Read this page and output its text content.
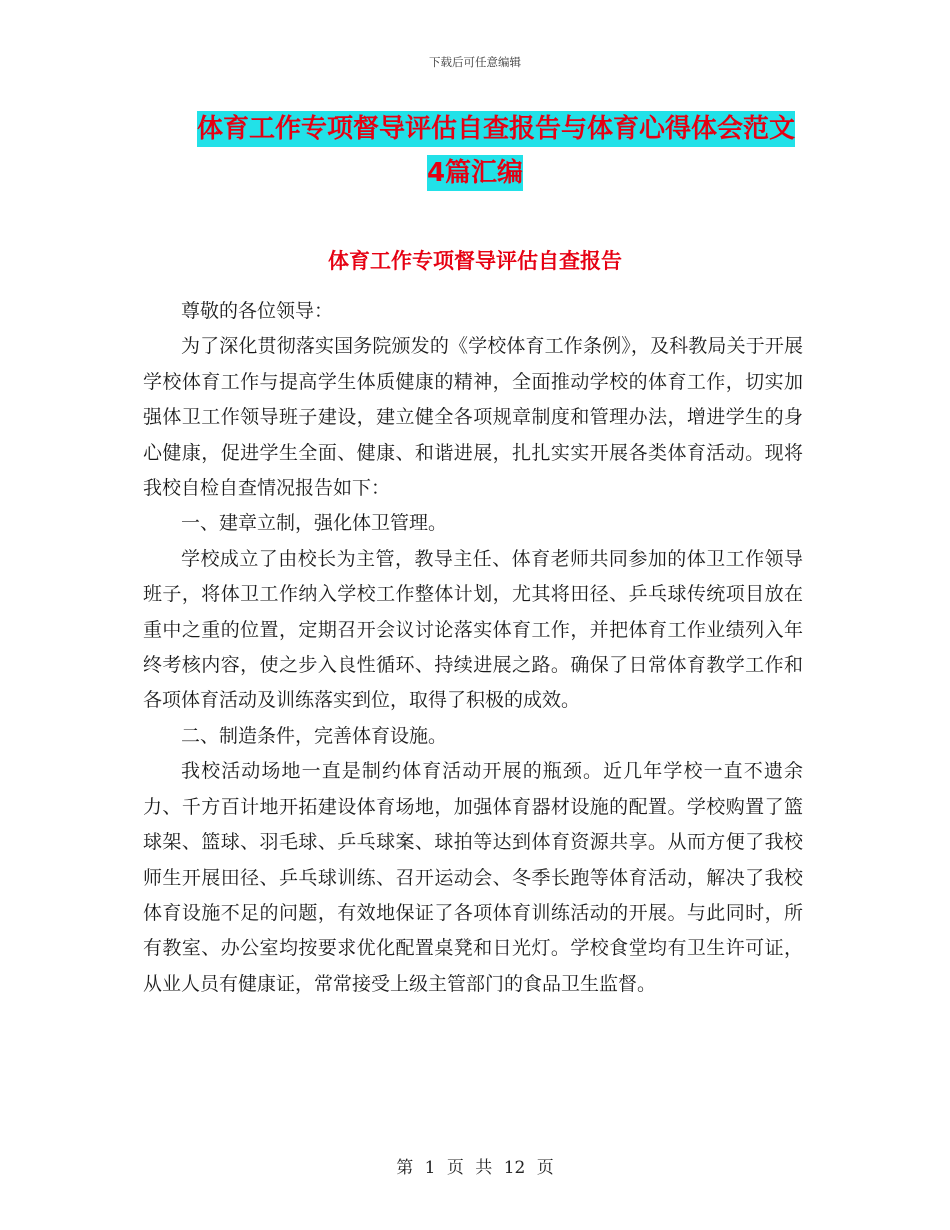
下载后可任意编辑
体育工作专项督导评估自查报告与体育心得体会范文
4篇汇编
体育工作专项督导评估自查报告

尊敬的各位领导：

为了深化贯彻落实国务院颁发的《学校体育工作条例》，及科教局关于开展学校体育工作与提高学生体质健康的精神，全面推动学校的体育工作，切实加强体卫工作领导班子建设，建立健全各项规章制度和管理办法，增进学生的身心健康，促进学生全面、健康、和谐进展，扎扎实实开展各类体育活动。现将我校自检自查情况报告如下：

一、建章立制，强化体卫管理。

学校成立了由校长为主管，教导主任、体育老师共同参加的体卫工作领导班子，将体卫工作纳入学校工作整体计划，尤其将田径、乒乓球传统项目放在重中之重的位置，定期召开会议讨论落实体育工作，并把体育工作业绩列入年终考核内容，使之步入良性循环、持续进展之路。确保了日常体育教学工作和各项体育活动及训练落实到位，取得了积极的成效。

二、制造条件，完善体育设施。

我校活动场地一直是制约体育活动开展的瓶颈。近几年学校一直不遗余力、千方百计地开拓建设体育场地，加强体育器材设施的配置。学校购置了篮球架、篮球、羽毛球、乒乓球案、球拍等达到体育资源共享。从而方便了我校师生开展田径、乒乓球训练、召开运动会、冬季长跑等体育活动，解决了我校体育设施不足的问题，有效地保证了各项体育训练活动的开展。与此同时，所有教室、办公室均按要求优化配置桌凳和日光灯。学校食堂均有卫生许可证，从业人员有健康证，常常接受上级主管部门的食品卫生监督。

第 1 页 共 12 页
